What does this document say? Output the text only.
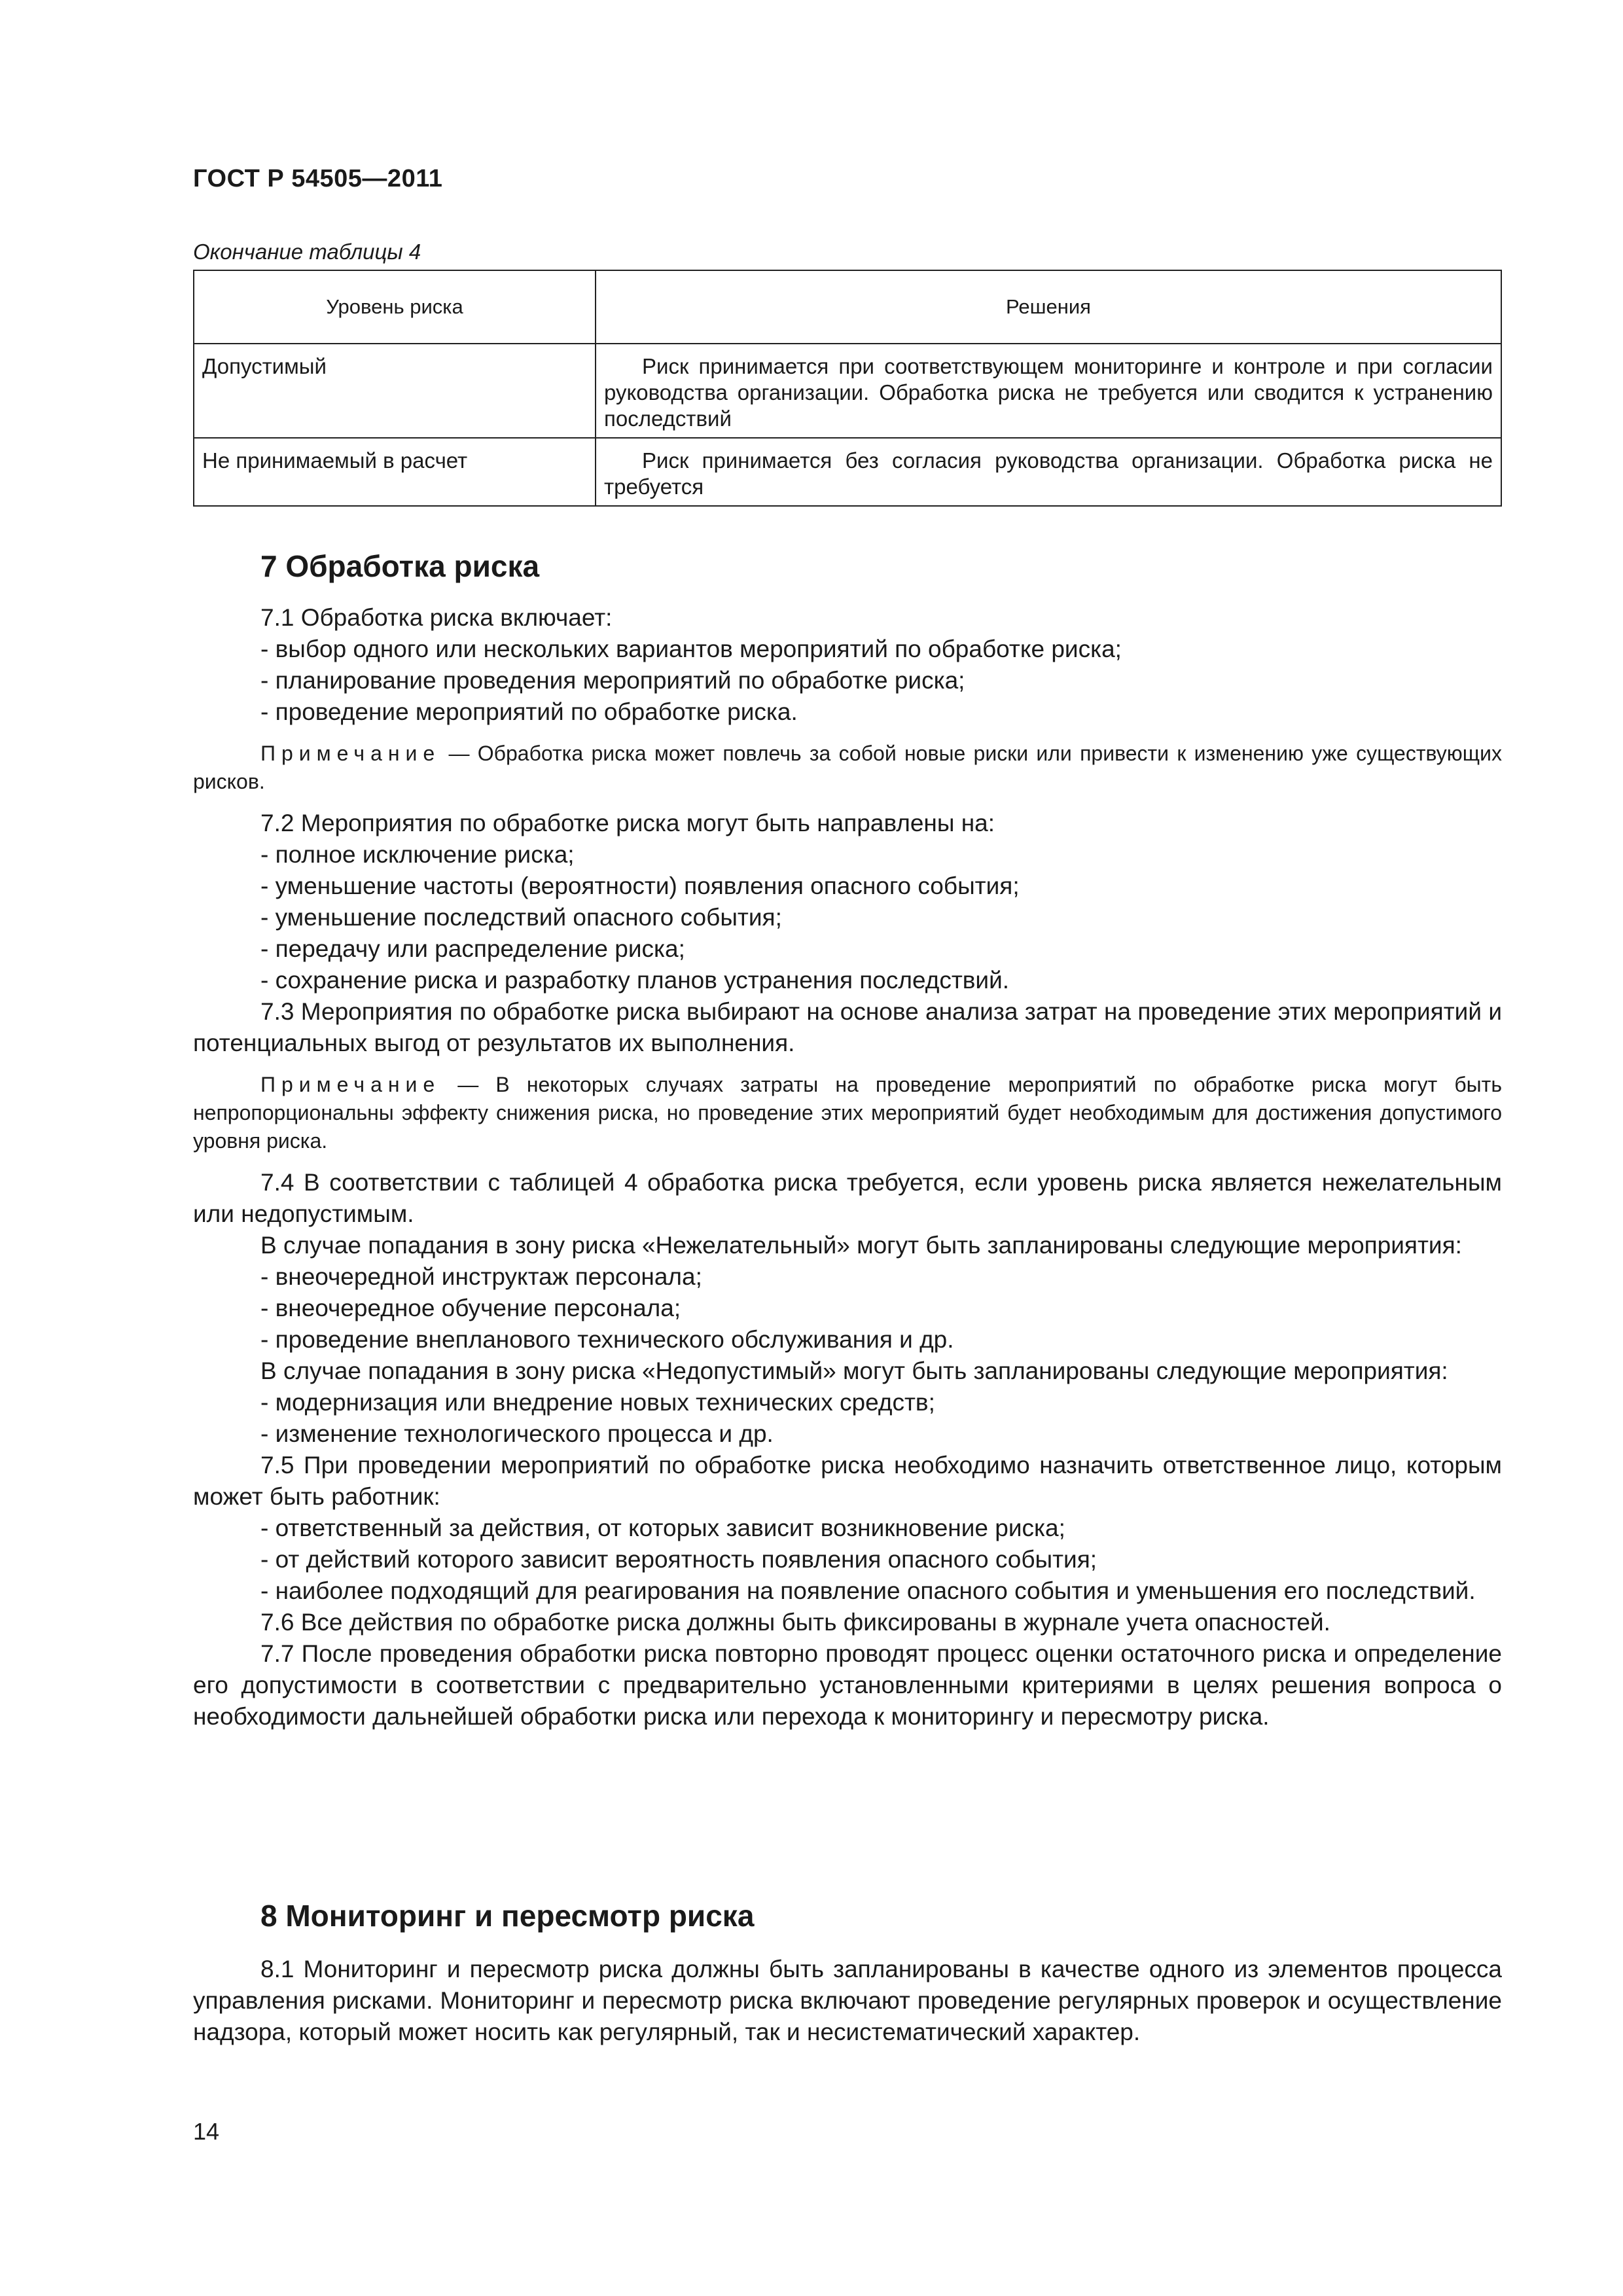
ГОСТ Р 54505—2011
Окончание таблицы 4
Уровень риска	Решения
Допустимый	Риск принимается при соответствующем мониторинге и контроле и при согласии руководства организации. Обработка риска не требуется или сводится к устранению последствий
Не принимаемый в расчет	Риск принимается без согласия руководства организации. Обработка риска не требуется
7 Обработка риска

7.1 Обработка риска включает:

- выбор одного или нескольких вариантов мероприятий по обработке риска;

- планирование проведения мероприятий по обработке риска;

- проведение мероприятий по обработке риска.

Примечание — Обработка риска может повлечь за собой новые риски или привести к изменению уже существующих рисков.

7.2 Мероприятия по обработке риска могут быть направлены на:

- полное исключение риска;

- уменьшение частоты (вероятности) появления опасного события;

- уменьшение последствий опасного события;

- передачу или распределение риска;

- сохранение риска и разработку планов устранения последствий.

7.3 Мероприятия по обработке риска выбирают на основе анализа затрат на проведение этих мероприятий и потенциальных выгод от результатов их выполнения.

Примечание — В некоторых случаях затраты на проведение мероприятий по обработке риска могут быть непропорциональны эффекту снижения риска, но проведение этих мероприятий будет необходимым для достижения допустимого уровня риска.

7.4 В соответствии с таблицей 4 обработка риска требуется, если уровень риска является нежелательным или недопустимым.

В случае попадания в зону риска «Нежелательный» могут быть запланированы следующие мероприятия:

- внеочередной инструктаж персонала;

- внеочередное обучение персонала;

- проведение внепланового технического обслуживания и др.

В случае попадания в зону риска «Недопустимый» могут быть запланированы следующие мероприятия:

- модернизация или внедрение новых технических средств;

- изменение технологического процесса и др.

7.5 При проведении мероприятий по обработке риска необходимо назначить ответственное лицо, которым может быть работник:

- ответственный за действия, от которых зависит возникновение риска;

- от действий которого зависит вероятность появления опасного события;

- наиболее подходящий для реагирования на появление опасного события и уменьшения его последствий.

7.6 Все действия по обработке риска должны быть фиксированы в журнале учета опасностей.

7.7 После проведения обработки риска повторно проводят процесс оценки остаточного риска и определение его допустимости в соответствии с предварительно установленными критериями в целях решения вопроса о необходимости дальнейшей обработки риска или перехода к мониторингу и пересмотру риска.

8 Мониторинг и пересмотр риска

8.1 Мониторинг и пересмотр риска должны быть запланированы в качестве одного из элементов процесса управления рисками. Мониторинг и пересмотр риска включают проведение регулярных проверок и осуществление надзора, который может носить как регулярный, так и несистематический характер.

14
